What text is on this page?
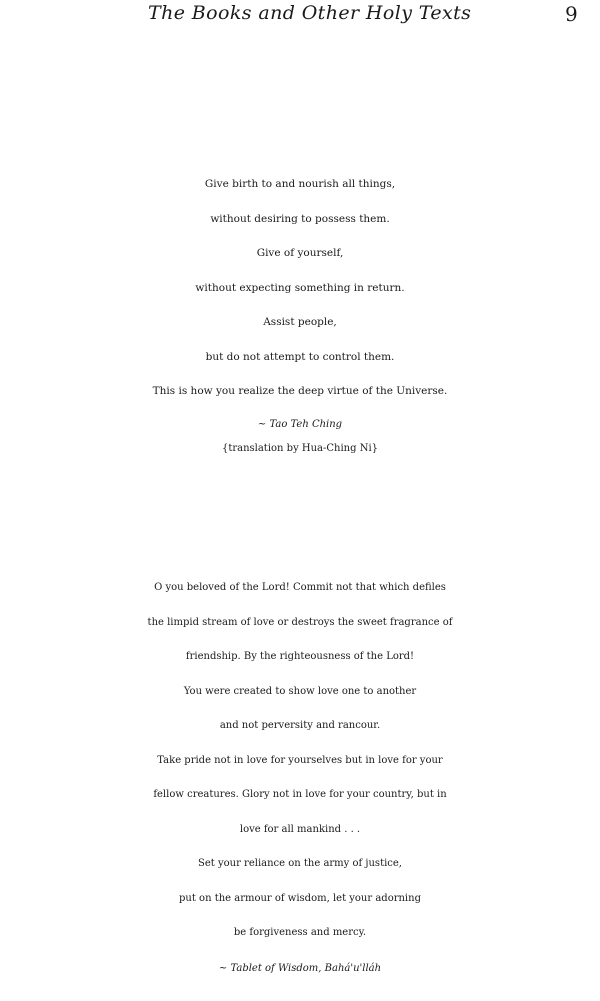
The Books and Other Holy Texts	9
Give birth to and nourish all things,
without desiring to possess them.
Give of yourself,
without expecting something in return.
Assist people,
but do not attempt to control them.
This is how you realize the deep virtue of the Universe.
~ Tao Teh Ching
{translation by Hua-Ching Ni}
O you beloved of the Lord! Commit not that which defiles
the limpid stream of love or destroys the sweet fragrance of
friendship. By the righteousness of the Lord!
You were created to show love one to another
and not perversity and rancour.
Take pride not in love for yourselves but in love for your
fellow creatures. Glory not in love for your country, but in
love for all mankind . . .
Set your reliance on the army of justice,
put on the armour of wisdom, let your adorning
be forgiveness and mercy.
~ Tablet of Wisdom, Bahá'u'lláh
